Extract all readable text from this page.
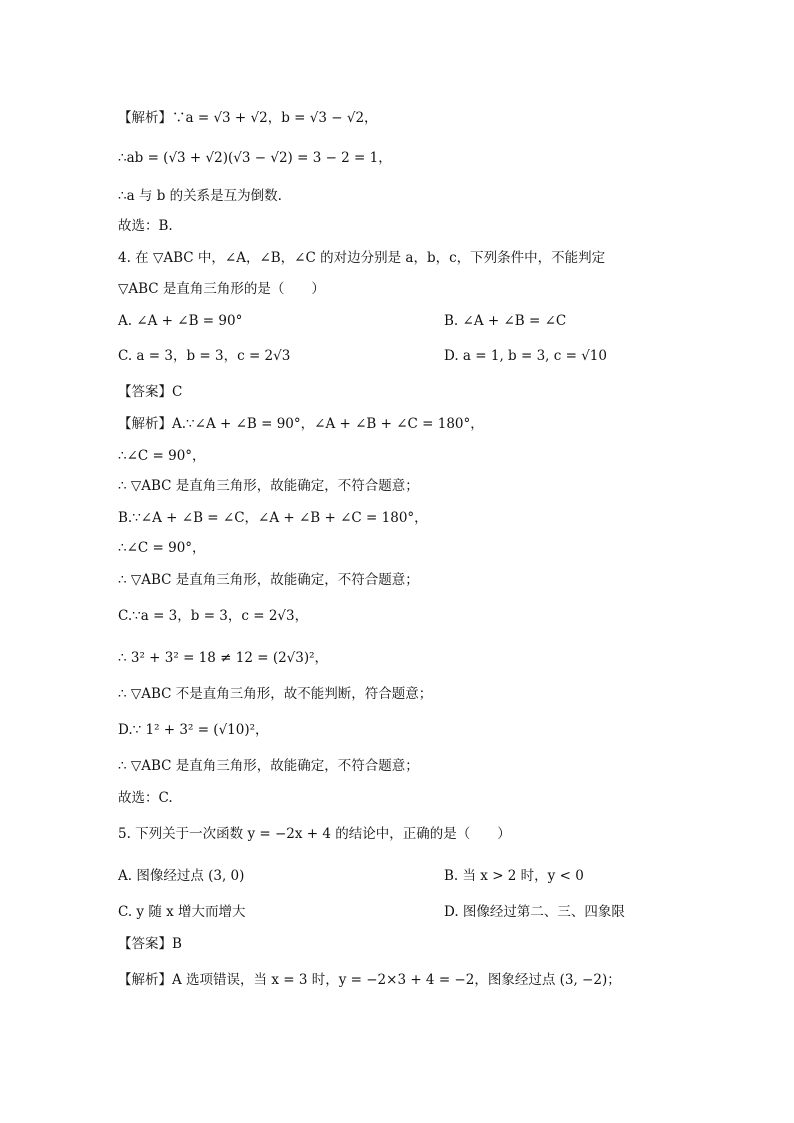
【解析】∵a = √3 + √2，b = √3 − √2，
∴ab = (√3 + √2)(√3 − √2) = 3 − 2 = 1，
∴a 与 b 的关系是互为倒数.
故选：B.
4. 在 ▽ABC 中，∠A，∠B，∠C 的对边分别是 a，b，c，下列条件中，不能判定
▽ABC 是直角三角形的是（　　）
A. ∠A + ∠B = 90°	B. ∠A + ∠B = ∠C
C. a = 3，b = 3，c = 2√3	D. a = 1, b = 3, c = √10
【答案】C
【解析】A.∵∠A + ∠B = 90°，∠A + ∠B + ∠C = 180°，
∴∠C = 90°，
∴ ▽ABC 是直角三角形，故能确定，不符合题意；
B.∵∠A + ∠B = ∠C，∠A + ∠B + ∠C = 180°，
∴∠C = 90°，
∴ ▽ABC 是直角三角形，故能确定，不符合题意；
C.∵a = 3，b = 3，c = 2√3，
∴ 3² + 3² = 18 ≠ 12 = (2√3)²，
∴ ▽ABC 不是直角三角形，故不能判断，符合题意；
D.∵ 1² + 3² = (√10)²，
∴ ▽ABC 是直角三角形，故能确定，不符合题意；
故选：C.
5. 下列关于一次函数 y = −2x + 4 的结论中，正确的是（　　）
A. 图像经过点 (3, 0)	B. 当 x > 2 时，y < 0
C. y 随 x 增大而增大	D. 图像经过第二、三、四象限
【答案】B
【解析】A 选项错误，当 x = 3 时，y = −2×3 + 4 = −2，图象经过点 (3, −2)；
